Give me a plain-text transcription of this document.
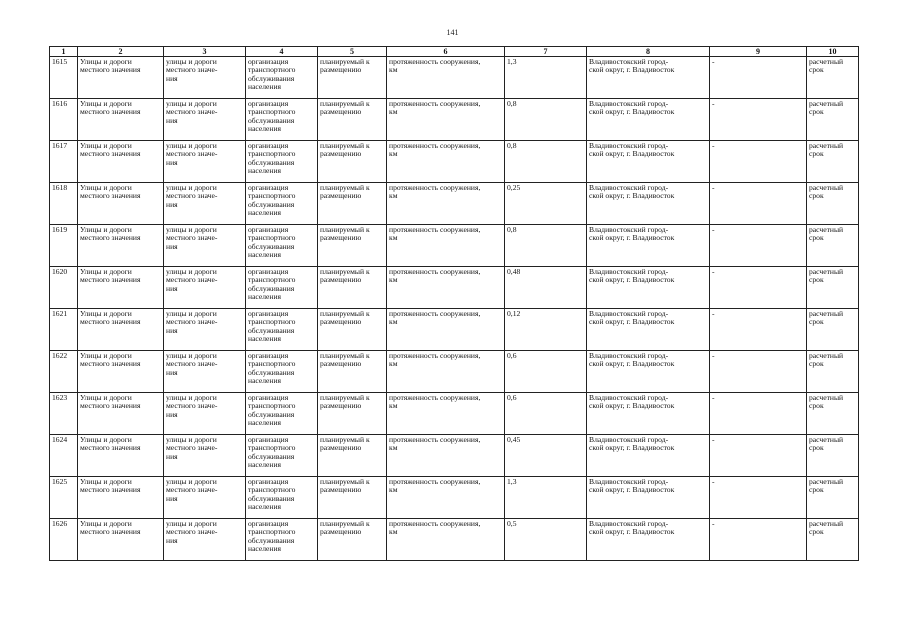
141
1	2	3	4	5	6	7	8	9	10
1615	Улицы и дороги
местного значения	улицы и дороги
местного значе-
ния	организация
транспортного
обслуживания
населения	планируемый к
размещению	протяженность сооружения,
км	1,3	Владивостокский город-
ской округ, г. Владивосток	-	расчетный
срок

1616	Улицы и дороги
местного значения	улицы и дороги
местного значе-
ния	организация
транспортного
обслуживания
населения	планируемый к
размещению	протяженность сооружения,
км	0,8	Владивостокский город-
ской округ, г. Владивосток	-	расчетный
срок

1617	Улицы и дороги
местного значения	улицы и дороги
местного значе-
ния	организация
транспортного
обслуживания
населения	планируемый к
размещению	протяженность сооружения,
км	0,8	Владивостокский город-
ской округ, г. Владивосток	-	расчетный
срок

1618	Улицы и дороги
местного значения	улицы и дороги
местного значе-
ния	организация
транспортного
обслуживания
населения	планируемый к
размещению	протяженность сооружения,
км	0,25	Владивостокский город-
ской округ, г. Владивосток	-	расчетный
срок

1619	Улицы и дороги
местного значения	улицы и дороги
местного значе-
ния	организация
транспортного
обслуживания
населения	планируемый к
размещению	протяженность сооружения,
км	0,8	Владивостокский город-
ской округ, г. Владивосток	-	расчетный
срок

1620	Улицы и дороги
местного значения	улицы и дороги
местного значе-
ния	организация
транспортного
обслуживания
населения	планируемый к
размещению	протяженность сооружения,
км	0,48	Владивостокский город-
ской округ, г. Владивосток	-	расчетный
срок

1621	Улицы и дороги
местного значения	улицы и дороги
местного значе-
ния	организация
транспортного
обслуживания
населения	планируемый к
размещению	протяженность сооружения,
км	0,12	Владивостокский город-
ской округ, г. Владивосток	-	расчетный
срок

1622	Улицы и дороги
местного значения	улицы и дороги
местного значе-
ния	организация
транспортного
обслуживания
населения	планируемый к
размещению	протяженность сооружения,
км	0,6	Владивостокский город-
ской округ, г. Владивосток	-	расчетный
срок

1623	Улицы и дороги
местного значения	улицы и дороги
местного значе-
ния	организация
транспортного
обслуживания
населения	планируемый к
размещению	протяженность сооружения,
км	0,6	Владивостокский город-
ской округ, г. Владивосток	-	расчетный
срок

1624	Улицы и дороги
местного значения	улицы и дороги
местного значе-
ния	организация
транспортного
обслуживания
населения	планируемый к
размещению	протяженность сооружения,
км	0,45	Владивостокский город-
ской округ, г. Владивосток	-	расчетный
срок

1625	Улицы и дороги
местного значения	улицы и дороги
местного значе-
ния	организация
транспортного
обслуживания
населения	планируемый к
размещению	протяженность сооружения,
км	1,3	Владивостокский город-
ской округ, г. Владивосток	-	расчетный
срок

1626	Улицы и дороги
местного значения	улицы и дороги
местного значе-
ния	организация
транспортного
обслуживания
населения	планируемый к
размещению	протяженность сооружения,
км	0,5	Владивостокский город-
ской округ, г. Владивосток	-	расчетный
срок
